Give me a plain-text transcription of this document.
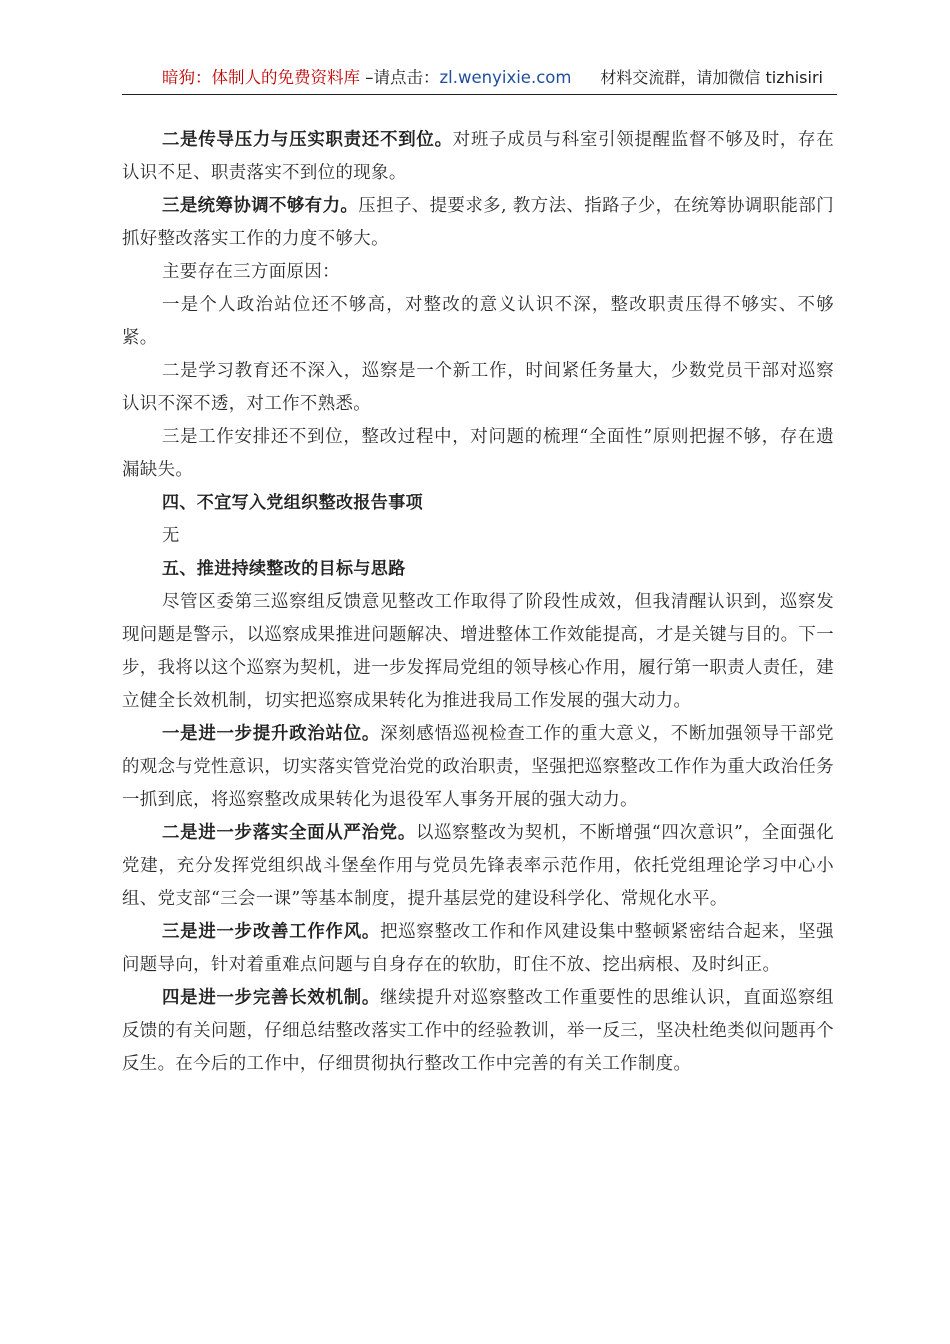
暗狗：体制人的免费资料库 –请点击：zl.wenyixie.com 材料交流群，请加微信 tizhisiri

二是传导压力与压实职责还不到位。对班子成员与科室引领提醒监督不够及时，存在认识不足、职责落实不到位的现象。

三是统筹协调不够有力。压担子、提要求多, 教方法、指路子少，在统筹协调职能部门抓好整改落实工作的力度不够大。

主要存在三方面原因：

一是个人政治站位还不够高，对整改的意义认识不深，整改职责压得不够实、不够紧。

二是学习教育还不深入，巡察是一个新工作，时间紧任务量大，少数党员干部对巡察认识不深不透，对工作不熟悉。

三是工作安排还不到位，整改过程中，对问题的梳理“全面性”原则把握不够，存在遗漏缺失。

四、不宜写入党组织整改报告事项

无

五、推进持续整改的目标与思路

尽管区委第三巡察组反馈意见整改工作取得了阶段性成效，但我清醒认识到，巡察发现问题是警示，以巡察成果推进问题解决、增进整体工作效能提高，才是关键与目的。下一步，我将以这个巡察为契机，进一步发挥局党组的领导核心作用，履行第一职责人责任，建立健全长效机制，切实把巡察成果转化为推进我局工作发展的强大动力。

一是进一步提升政治站位。深刻感悟巡视检查工作的重大意义，不断加强领导干部党的观念与党性意识，切实落实管党治党的政治职责，坚强把巡察整改工作作为重大政治任务一抓到底，将巡察整改成果转化为退役军人事务开展的强大动力。

二是进一步落实全面从严治党。以巡察整改为契机，不断增强“四次意识”，全面强化党建，充分发挥党组织战斗堡垒作用与党员先锋表率示范作用，依托党组理论学习中心小组、党支部“三会一课”等基本制度，提升基层党的建设科学化、常规化水平。

三是进一步改善工作作风。把巡察整改工作和作风建设集中整顿紧密结合起来，坚强问题导向，针对着重难点问题与自身存在的软肋，盯住不放、挖出病根、及时纠正。

四是进一步完善长效机制。继续提升对巡察整改工作重要性的思维认识，直面巡察组反馈的有关问题，仔细总结整改落实工作中的经验教训，举一反三，坚决杜绝类似问题再个反生。在今后的工作中，仔细贯彻执行整改工作中完善的有关工作制度。
